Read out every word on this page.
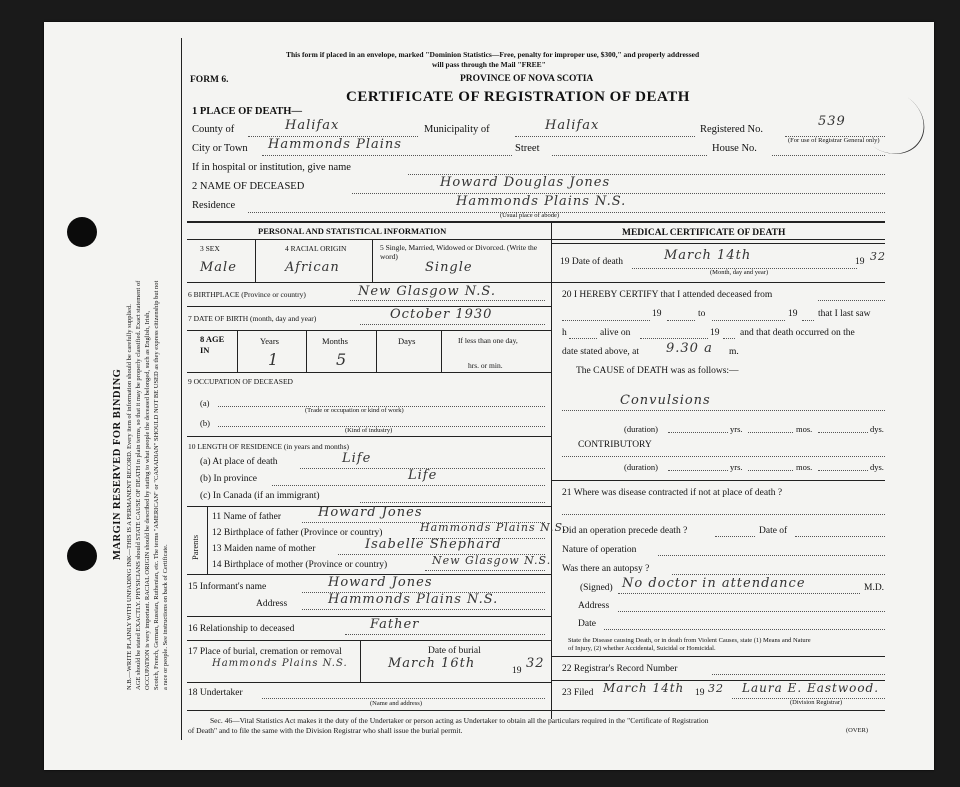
MARGIN RESERVED FOR BINDING N.B.—WRITE PLAINLY WITH UNFADING INK—THIS IS A PERMANENT RECORD. Every item of information should be carefully supplied. AGE should be stated EXACTLY. PHYSICIANS should STATE CAUSE OF DEATH in plain terms, so that it may be properly classified. Exact statement of OCCUPATION is very important. RACIAL ORIGIN should be described by stating to what people the deceased belonged, such as English, Irish, Scotch, French, German, Russian, Ruthenian, etc. The terms "AMERICAN" or "CANADIAN" SHOULD NOT BE USED as they express citizenship but not a race or people. See instructions on back of Certificate.
This form if placed in an envelope, marked "Dominion Statistics—Free, penalty for improper use, $300," and properly addressed
will pass through the Mail "FREE"
FORM 6.	PROVINCE OF NOVA SCOTIA
CERTIFICATE OF REGISTRATION OF DEATH
1 PLACE OF DEATH—
County of	Halifax	Municipality of	Halifax	Registered No.
539
(For use of Registrar General only)
City or Town Hammonds Plains	Street	House No.
If in hospital or institution, give name
2 NAME OF DECEASED	Howard Douglas Jones
Residence	Hammonds Plains N.S.
(Usual place of abode)
PERSONAL AND STATISTICAL INFORMATION
3 SEX	4 RACIAL ORIGIN	5 Single, Married, Widowed or Divorced. (Write the word)
Male	African	Single
6 BIRTHPLACE (Province or country)	New Glasgow N.S.
7 DATE OF BIRTH (month, day and year)	October 1930
8 AGE IN
Years	Months	Days	If less than one day,
hrs. or min.
1	5
9 OCCUPATION OF DECEASED
(a)
(Trade or occupation or kind of work)
(b)
(Kind of industry)
10 LENGTH OF RESIDENCE (in years and months)
(a) At place of death	Life
(b) In province	Life
(c) In Canada (if an immigrant)
Parents
11 Name of father	Howard Jones
12 Birthplace of father (Province or country)	Hammonds Plains N.S.
13 Maiden name of mother	Isabelle Shephard
14 Birthplace of mother (Province or country)	New Glasgow N.S.
15 Informant's name	Howard Jones
Address	Hammonds Plains N.S.
16 Relationship to deceased	Father
17 Place of burial, cremation or removal	Date of burial
Hammonds Plains N.S.	March 16th	19 32
18 Undertaker
(Name and address)
MEDICAL CERTIFICATE OF DEATH
19 Date of death	March 14th	19 32
(Month, day and year)
20 I HEREBY CERTIFY that I attended deceased from
19	to	19 that I last saw
h	alive on	19 and that death occurred on the
date stated above, at 9.30 a m.
The CAUSE of DEATH was as follows:—
Convulsions
(duration)	yrs.	mos.	dys.
CONTRIBUTORY
(duration)	yrs.	mos.	dys.
21 Where was disease contracted if not at place of death ?
Did an operation precede death ?	Date of
Nature of operation
Was there an autopsy ?
(Signed) No doctor in attendance	M.D.
Address
Date
State the Disease causing Death, or in death from Violent Causes, state (1) Means and Nature
of Injury, (2) whether Accidental, Suicidal or Homicidal.
22 Registrar's Record Number
23 Filed March 14th 19 32 Laura E. Eastwood.
(Division Registrar)
Sec. 46—Vital Statistics Act makes it the duty of the Undertaker or person acting as Undertaker to obtain all the particulars required in the "Certificate of Registration
of Death" and to file the same with the Division Registrar who shall issue the burial permit.	(OVER)
